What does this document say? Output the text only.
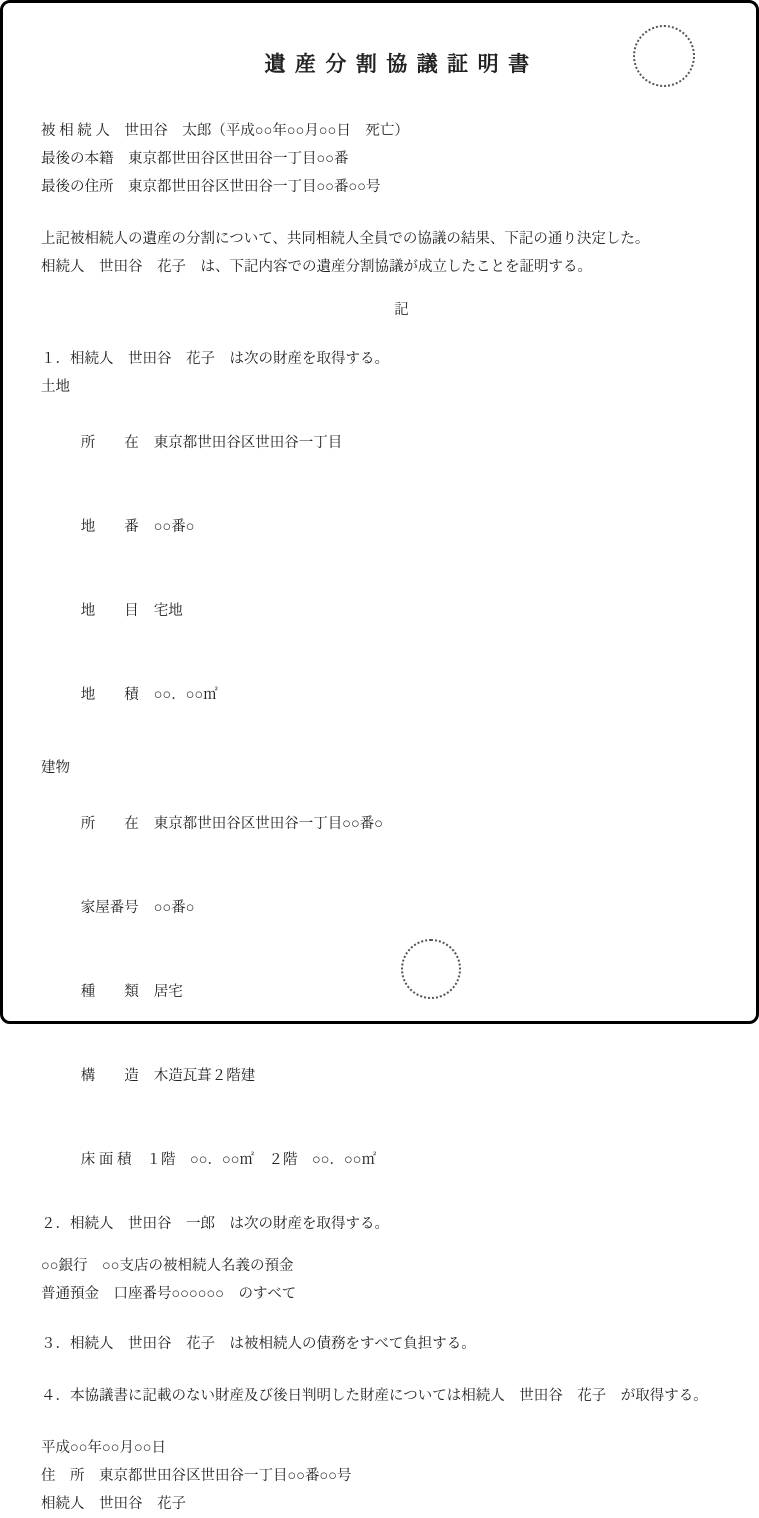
遺産分割協議証明書
被 相 続 人　世田谷　太郎（平成○○年○○月○○日　死亡）
最後の本籍　東京都世田谷区世田谷一丁目○○番
最後の住所　東京都世田谷区世田谷一丁目○○番○○号
上記被相続人の遺産の分割について、共同相続人全員での協議の結果、下記の通り決定した。
相続人　世田谷　花子　は、下記内容での遺産分割協議が成立したことを証明する。
記
１．相続人　世田谷　花子　は次の財産を取得する。
土地

所　　在 東京都世田谷区世田谷一丁目

地　　番 ○○番○

地　　目 宅地

地　　積 ○○．○○㎡

建物

所　　在 東京都世田谷区世田谷一丁目○○番○

家屋番号 ○○番○

種　　類 居宅

構　　造 木造瓦葺２階建

床 面 積 １階　○○．○○㎡　２階　○○．○○㎡

２．相続人　世田谷　一郎　は次の財産を取得する。
○○銀行　○○支店の被相続人名義の預金
普通預金　口座番号○○○○○○　のすべて
３．相続人　世田谷　花子　は被相続人の債務をすべて負担する。
４．本協議書に記載のない財産及び後日判明した財産については相続人　世田谷　花子　が取得する。
平成○○年○○月○○日
住　所　東京都世田谷区世田谷一丁目○○番○○号
相続人　世田谷　花子
